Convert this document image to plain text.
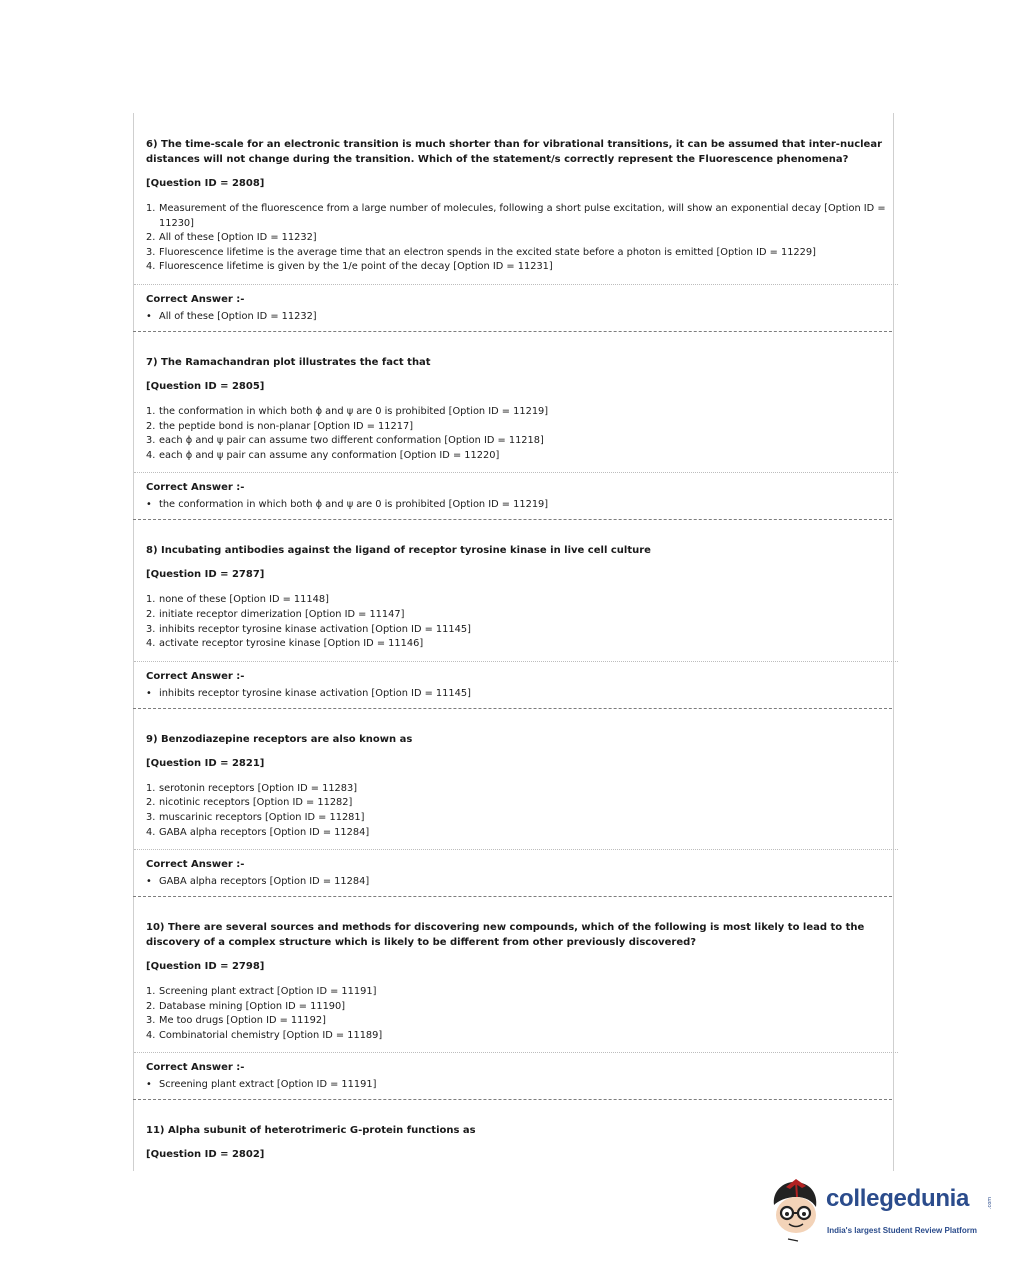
6) The time-scale for an electronic transition is much shorter than for vibrational transitions, it can be assumed that inter-nuclear distances will not change during the transition. Which of the statement/s correctly represent the Fluorescence phenomena?

[Question ID = 2808]

1. Measurement of the fluorescence from a large number of molecules, following a short pulse excitation, will show an exponential decay [Option ID = 11230]
2. All of these [Option ID = 11232]
3. Fluorescence lifetime is the average time that an electron spends in the excited state before a photon is emitted [Option ID = 11229]
4. Fluorescence lifetime is given by the 1/e point of the decay [Option ID = 11231]
Correct Answer :-
• All of these [Option ID = 11232]

7) The Ramachandran plot illustrates the fact that

[Question ID = 2805]

1. the conformation in which both ϕ and ψ are 0 is prohibited [Option ID = 11219]
2. the peptide bond is non-planar [Option ID = 11217]
3. each ϕ and ψ pair can assume two different conformation [Option ID = 11218]
4. each ϕ and ψ pair can assume any conformation [Option ID = 11220]
Correct Answer :-
• the conformation in which both ϕ and ψ are 0 is prohibited [Option ID = 11219]

8) Incubating antibodies against the ligand of receptor tyrosine kinase in live cell culture

[Question ID = 2787]

1. none of these [Option ID = 11148]
2. initiate receptor dimerization [Option ID = 11147]
3. inhibits receptor tyrosine kinase activation [Option ID = 11145]
4. activate receptor tyrosine kinase [Option ID = 11146]
Correct Answer :-
• inhibits receptor tyrosine kinase activation [Option ID = 11145]

9) Benzodiazepine receptors are also known as

[Question ID = 2821]

1. serotonin receptors [Option ID = 11283]
2. nicotinic receptors [Option ID = 11282]
3. muscarinic receptors [Option ID = 11281]
4. GABA alpha receptors [Option ID = 11284]
Correct Answer :-
• GABA alpha receptors [Option ID = 11284]

10) There are several sources and methods for discovering new compounds, which of the following is most likely to lead to the discovery of a complex structure which is likely to be different from other previously discovered?

[Question ID = 2798]

1. Screening plant extract [Option ID = 11191]
2. Database mining [Option ID = 11190]
3. Me too drugs [Option ID = 11192]
4. Combinatorial chemistry [Option ID = 11189]
Correct Answer :-
• Screening plant extract [Option ID = 11191]

11) Alpha subunit of heterotrimeric G-protein functions as

[Question ID = 2802]

collegedunia	.com
India's largest Student Review Platform
